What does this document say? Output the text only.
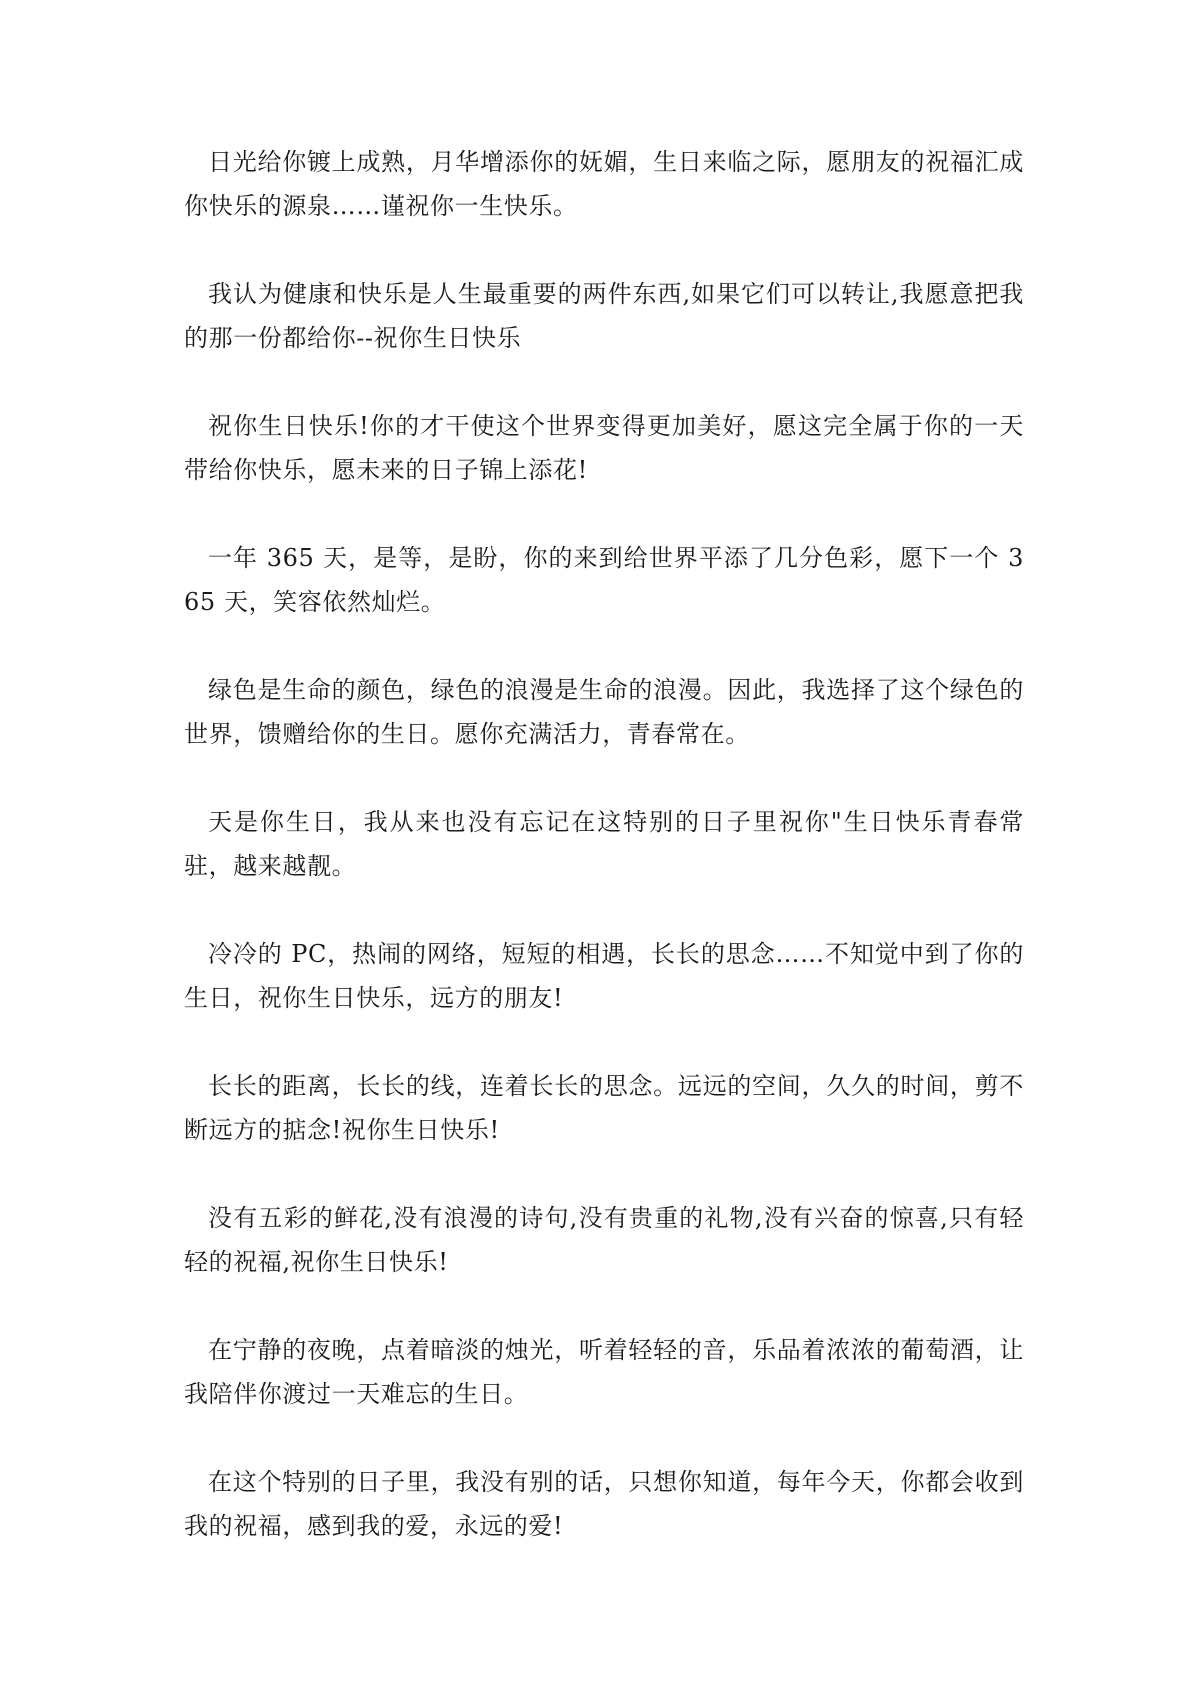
日光给你镀上成熟，月华增添你的妩媚，生日来临之际，愿朋友的祝福汇成你快乐的源泉……谨祝你一生快乐。

我认为健康和快乐是人生最重要的两件东西,如果它们可以转让,我愿意把我的那一份都给你--祝你生日快乐

祝你生日快乐!你的才干使这个世界变得更加美好，愿这完全属于你的一天带给你快乐，愿未来的日子锦上添花!

一年 365 天，是等，是盼，你的来到给世界平添了几分色彩，愿下一个 365 天，笑容依然灿烂。

绿色是生命的颜色，绿色的浪漫是生命的浪漫。因此，我选择了这个绿色的世界，馈赠给你的生日。愿你充满活力，青春常在。

天是你生日，我从来也没有忘记在这特别的日子里祝你"生日快乐青春常驻，越来越靓。

冷冷的 PC，热闹的网络，短短的相遇，长长的思念……不知觉中到了你的生日，祝你生日快乐，远方的朋友!

长长的距离，长长的线，连着长长的思念。远远的空间，久久的时间，剪不断远方的掂念!祝你生日快乐!

没有五彩的鲜花,没有浪漫的诗句,没有贵重的礼物,没有兴奋的惊喜,只有轻轻的祝福,祝你生日快乐!

在宁静的夜晚，点着暗淡的烛光，听着轻轻的音，乐品着浓浓的葡萄酒，让我陪伴你渡过一天难忘的生日。

在这个特别的日子里，我没有别的话，只想你知道，每年今天，你都会收到我的祝福，感到我的爱，永远的爱!
